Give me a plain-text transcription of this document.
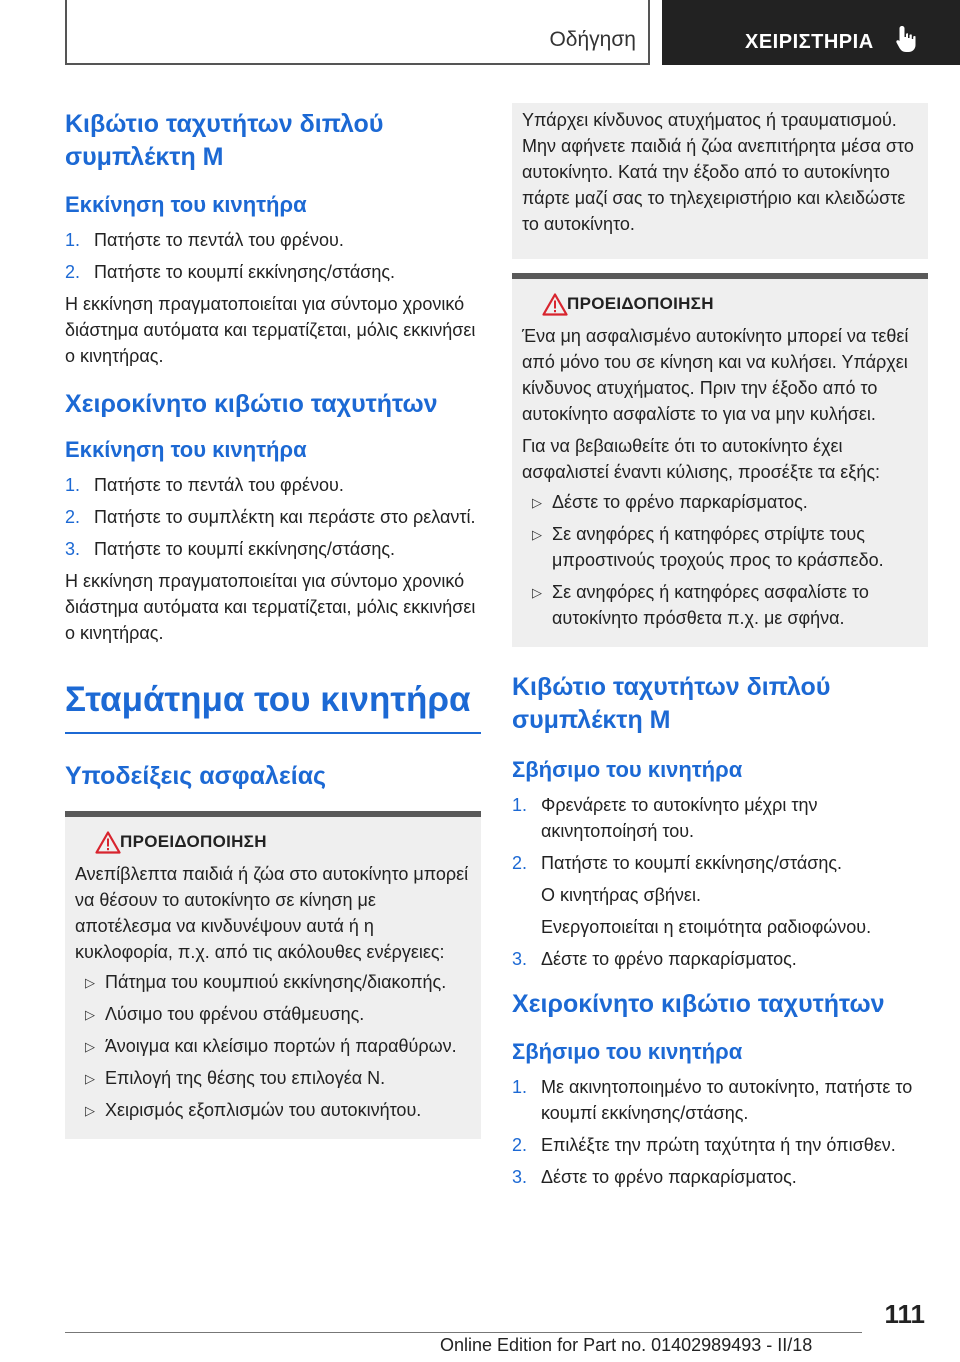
Οδήγηση	ΧΕΙΡΙΣΤΗΡΙΑ
Κιβώτιο ταχυτήτων διπλού συμπλέκτη M
Εκκίνηση του κινητήρα
1. Πατήστε το πεντάλ του φρένου.
2. Πατήστε το κουμπί εκκίνησης/στάσης.

Η εκκίνηση πραγματοποιείται για σύντομο χρονικό διάστημα αυτόματα και τερματίζεται, μόλις εκκινήσει ο κινητήρας.

Χειροκίνητο κιβώτιο ταχυτήτων
Εκκίνηση του κινητήρα
1. Πατήστε το πεντάλ του φρένου.
2. Πατήστε το συμπλέκτη και περάστε στο ρελαντί.
3. Πατήστε το κουμπί εκκίνησης/στάσης.

Η εκκίνηση πραγματοποιείται για σύντομο χρονικό διάστημα αυτόματα και τερματίζεται, μόλις εκκινήσει ο κινητήρας.

Σταμάτημα του κινητήρα
Υποδείξεις ασφαλείας
ΠΡΟΕΙΔΟΠΟΙΗΣΗ

Ανεπίβλεπτα παιδιά ή ζώα στο αυτοκίνητο μπορεί να θέσουν το αυτοκίνητο σε κίνηση με αποτέλεσμα να κινδυνέψουν αυτά ή η κυκλοφορία, π.χ. από τις ακόλουθες ενέργειες:

▷ Πάτημα του κουμπιού εκκίνησης/διακοπής.
▷ Λύσιμο του φρένου στάθμευσης.
▷ Άνοιγμα και κλείσιμο πορτών ή παραθύρων.
▷ Επιλογή της θέσης του επιλογέα N.
▷ Χειρισμός εξοπλισμών του αυτοκινήτου.

Υπάρχει κίνδυνος ατυχήματος ή τραυματισμού. Μην αφήνετε παιδιά ή ζώα ανεπιτήρητα μέσα στο αυτοκίνητο. Κατά την έξοδο από το αυτοκίνητο πάρτε μαζί σας το τηλεχειριστήριο και κλειδώστε το αυτοκίνητο.

ΠΡΟΕΙΔΟΠΟΙΗΣΗ

Ένα μη ασφαλισμένο αυτοκίνητο μπορεί να τεθεί από μόνο του σε κίνηση και να κυλήσει. Υπάρχει κίνδυνος ατυχήματος. Πριν την έξοδο από το αυτοκίνητο ασφαλίστε το για να μην κυλήσει.

Για να βεβαιωθείτε ότι το αυτοκίνητο έχει ασφαλιστεί έναντι κύλισης, προσέξτε τα εξής:

▷ Δέστε το φρένο παρκαρίσματος.
▷ Σε ανηφόρες ή κατηφόρες στρίψτε τους μπροστινούς τροχούς προς το κράσπεδο.
▷ Σε ανηφόρες ή κατηφόρες ασφαλίστε το αυτοκίνητο πρόσθετα π.χ. με σφήνα.
Κιβώτιο ταχυτήτων διπλού συμπλέκτη M
Σβήσιμο του κινητήρα
1. Φρενάρετε το αυτοκίνητο μέχρι την ακινητοποίησή του.
2. Πατήστε το κουμπί εκκίνησης/στάσης.
Ο κινητήρας σβήνει.
Ενεργοποιείται η ετοιμότητα ραδιοφώνου.
3. Δέστε το φρένο παρκαρίσματος.
Χειροκίνητο κιβώτιο ταχυτήτων
Σβήσιμο του κινητήρα
1. Με ακινητοποιημένο το αυτοκίνητο, πατήστε το κουμπί εκκίνησης/στάσης.
2. Επιλέξτε την πρώτη ταχύτητα ή την όπισθεν.
3. Δέστε το φρένο παρκαρίσματος.
111
Online Edition for Part no. 01402989493 - II/18
